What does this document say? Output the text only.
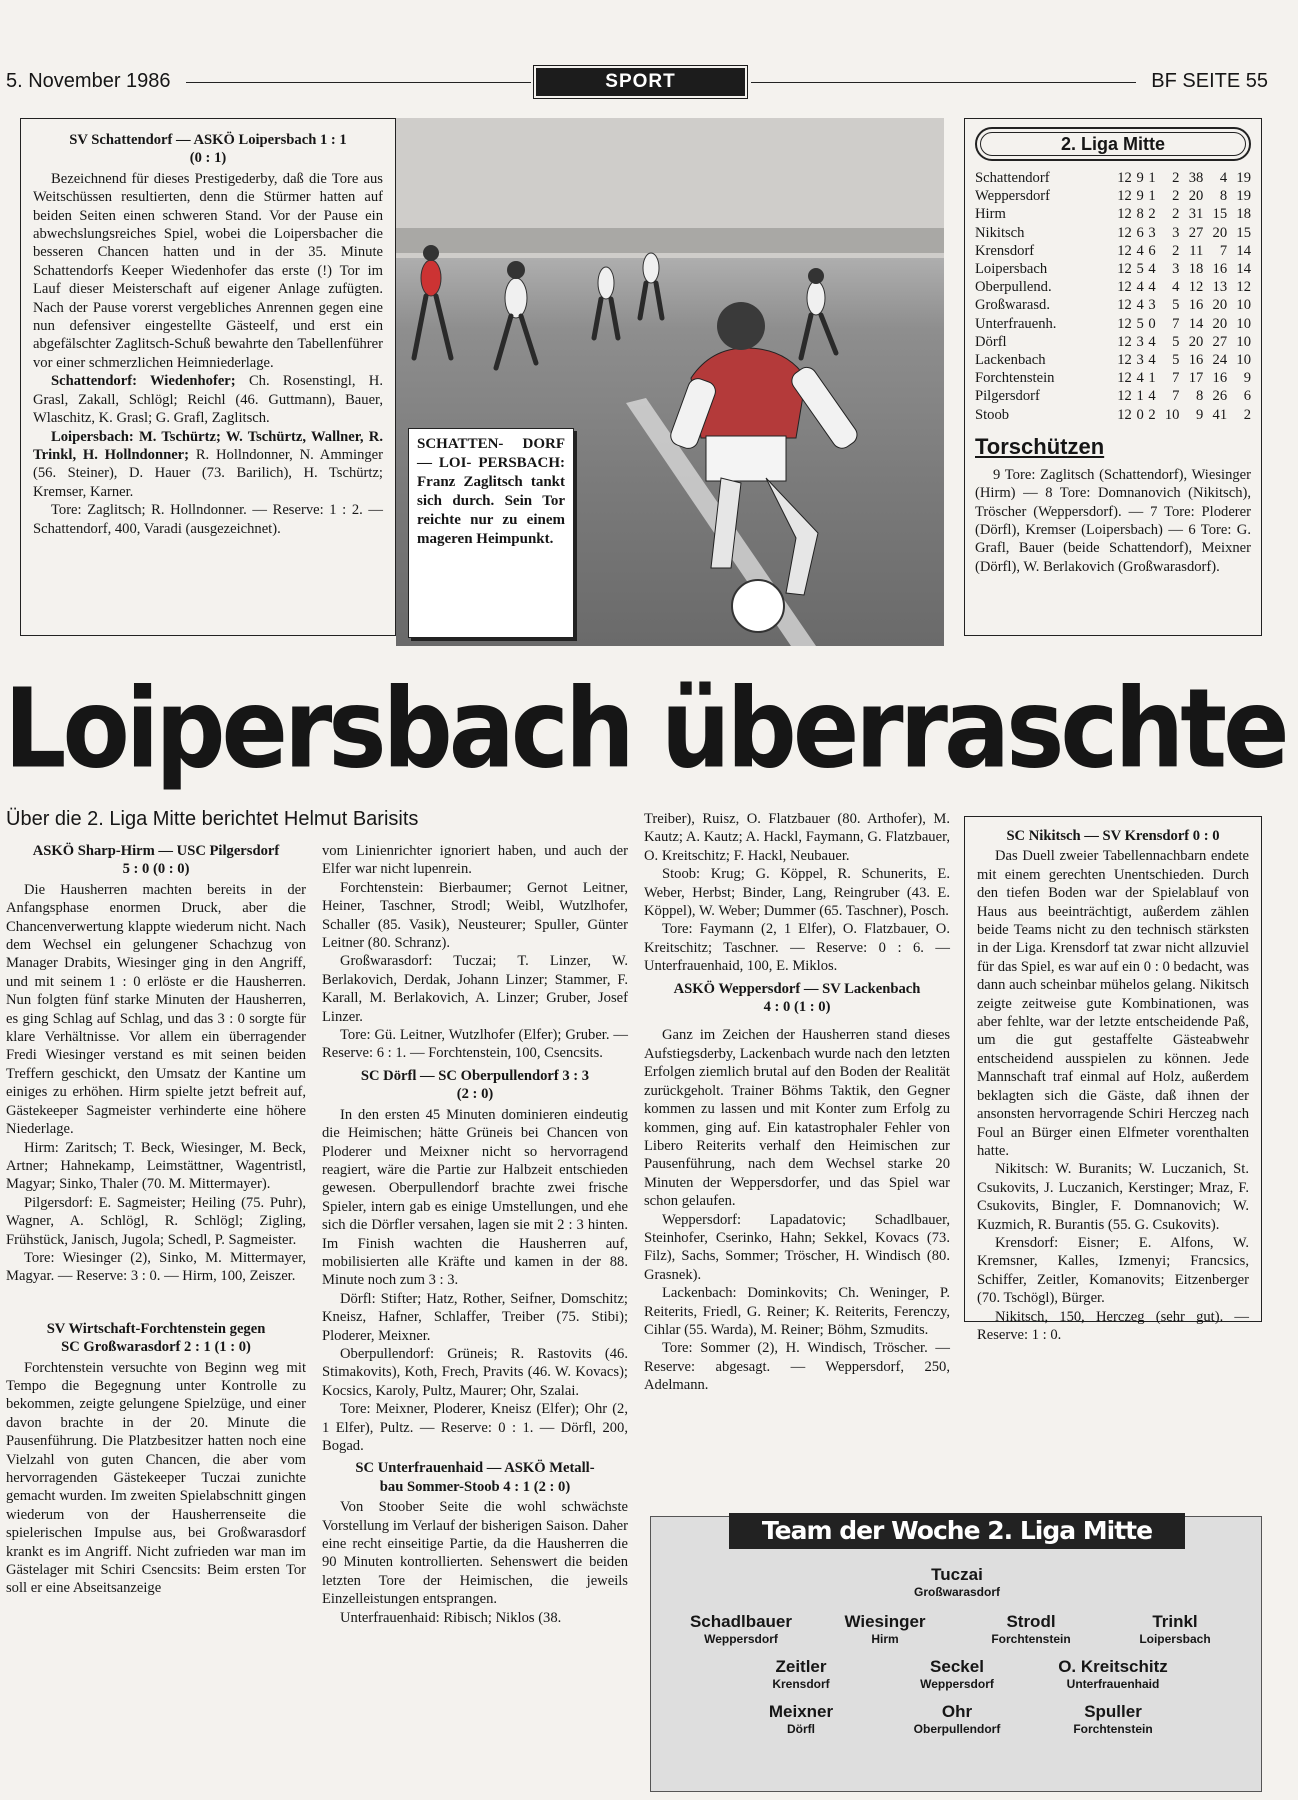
5. November 1986	SPORT	BF SEITE 55
SV Schattendorf — ASKÖ Loipersbach 1 : 1
(0 : 1)

Bezeichnend für dieses Prestigederby, daß die Tore aus Weitschüssen resultierten, denn die Stürmer hatten auf beiden Seiten einen schweren Stand. Vor der Pause ein abwechslungsreiches Spiel, wobei die Loipersbacher die besseren Chancen hatten und in der 35. Minute Schattendorfs Keeper Wiedenhofer das erste (!) Tor im Lauf dieser Meisterschaft auf eigener Anlage zufügten. Nach der Pause vorerst vergebliches Anrennen gegen eine nun defensiver eingestellte Gästeelf, und erst ein abgefälschter Zaglitsch-Schuß bewahrte den Tabellenführer vor einer schmerzlichen Heimniederlage.

Schattendorf: Wiedenhofer; Ch. Rosenstingl, H. Grasl, Zakall, Schlögl; Reichl (46. Guttmann), Bauer, Wlaschitz, K. Grasl; G. Grafl, Zaglitsch.

Loipersbach: M. Tschürtz; W. Tschürtz, Wallner, R. Trinkl, H. Hollndonner; R. Hollndonner, N. Amminger (56. Steiner), D. Hauer (73. Barilich), H. Tschürtz; Kremser, Karner.

Tore: Zaglitsch; R. Hollndonner. — Reserve: 1 : 2. — Schattendorf, 400, Varadi (ausgezeichnet).

SCHATTEN- DORF — LOI- PERSBACH: Franz Zaglitsch tankt sich durch. Sein Tor reichte nur zu einem mageren Heimpunkt.
2. Liga Mitte
Schattendorf	12	9	1	2	38	4	19
Weppersdorf	12	9	1	2	20	8	19
Hirm	12	8	2	2	31	15	18
Nikitsch	12	6	3	3	27	20	15
Krensdorf	12	4	6	2	11	7	14
Loipersbach	12	5	4	3	18	16	14
Oberpullend.	12	4	4	4	12	13	12
Großwarasd.	12	4	3	5	16	20	10
Unterfrauenh.	12	5	0	7	14	20	10
Dörfl	12	3	4	5	20	27	10
Lackenbach	12	3	4	5	16	24	10
Forchtenstein	12	4	1	7	17	16	9
Pilgersdorf	12	1	4	7	8	26	6
Stoob	12	0	2	10	9	41	2
Torschützen

9 Tore: Zaglitsch (Schattendorf), Wiesinger (Hirm) — 8 Tore: Domnanovich (Nikitsch), Tröscher (Weppersdorf). — 7 Tore: Ploderer (Dörfl), Kremser (Loipersbach) — 6 Tore: G. Grafl, Bauer (beide Schattendorf), Meixner (Dörfl), W. Berlakovich (Großwarasdorf).

Loipersbach überraschte
Über die 2. Liga Mitte berichtet Helmut Barisits
ASKÖ Sharp-Hirm — USC Pilgersdorf
5 : 0 (0 : 0)

Die Hausherren machten bereits in der Anfangsphase enormen Druck, aber die Chancenverwertung klappte wiederum nicht. Nach dem Wechsel ein gelungener Schachzug von Manager Drabits, Wiesinger ging in den Angriff, und mit seinem 1 : 0 erlöste er die Hausherren. Nun folgten fünf starke Minuten der Hausherren, es ging Schlag auf Schlag, und das 3 : 0 sorgte für klare Verhältnisse. Vor allem ein überragender Fredi Wiesinger verstand es mit seinen beiden Treffern geschickt, den Umsatz der Kantine um einiges zu erhöhen. Hirm spielte jetzt befreit auf, Gästekeeper Sagmeister verhinderte eine höhere Niederlage.

Hirm: Zaritsch; T. Beck, Wiesinger, M. Beck, Artner; Hahnekamp, Leimstättner, Wagentristl, Magyar; Sinko, Thaler (70. M. Mittermayer).

Pilgersdorf: E. Sagmeister; Heiling (75. Puhr), Wagner, A. Schlögl, R. Schlögl; Zigling, Frühstück, Janisch, Jugola; Schedl, P. Sagmeister.

Tore: Wiesinger (2), Sinko, M. Mittermayer, Magyar. — Reserve: 3 : 0. — Hirm, 100, Zeiszer.

SV Wirtschaft-Forchtenstein gegen
SC Großwarasdorf 2 : 1 (1 : 0)

Forchtenstein versuchte von Beginn weg mit Tempo die Begegnung unter Kontrolle zu bekommen, zeigte gelungene Spielzüge, und einer davon brachte in der 20. Minute die Pausenführung. Die Platzbesitzer hatten noch eine Vielzahl von guten Chancen, die aber vom hervorragenden Gästekeeper Tuczai zunichte gemacht wurden. Im zweiten Spielabschnitt gingen wiederum von der Hausherrenseite die spielerischen Impulse aus, bei Großwarasdorf krankt es im Angriff. Nicht zufrieden war man im Gästelager mit Schiri Csencsits: Beim ersten Tor soll er eine Abseitsanzeige

vom Linienrichter ignoriert haben, und auch der Elfer war nicht lupenrein.

Forchtenstein: Bierbaumer; Gernot Leitner, Heiner, Taschner, Strodl; Weibl, Wutzlhofer, Schaller (85. Vasik), Neusteurer; Spuller, Günter Leitner (80. Schranz).

Großwarasdorf: Tuczai; T. Linzer, W. Berlakovich, Derdak, Johann Linzer; Stammer, F. Karall, M. Berlakovich, A. Linzer; Gruber, Josef Linzer.

Tore: Gü. Leitner, Wutzlhofer (Elfer); Gruber. — Reserve: 6 : 1. — Forchtenstein, 100, Csencsits.

SC Dörfl — SC Oberpullendorf 3 : 3
(2 : 0)

In den ersten 45 Minuten dominieren eindeutig die Heimischen; hätte Grüneis bei Chancen von Ploderer und Meixner nicht so hervorragend reagiert, wäre die Partie zur Halbzeit entschieden gewesen. Oberpullendorf brachte zwei frische Spieler, intern gab es einige Umstellungen, und ehe sich die Dörfler versahen, lagen sie mit 2 : 3 hinten. Im Finish wachten die Hausherren auf, mobilisierten alle Kräfte und kamen in der 88. Minute noch zum 3 : 3.

Dörfl: Stifter; Hatz, Rother, Seifner, Domschitz; Kneisz, Hafner, Schlaffer, Treiber (75. Stibi); Ploderer, Meixner.

Oberpullendorf: Grüneis; R. Rastovits (46. Stimakovits), Koth, Frech, Pravits (46. W. Kovacs); Kocsics, Karoly, Pultz, Maurer; Ohr, Szalai.

Tore: Meixner, Ploderer, Kneisz (Elfer); Ohr (2, 1 Elfer), Pultz. — Reserve: 0 : 1. — Dörfl, 200, Bogad.

SC Unterfrauenhaid — ASKÖ Metall-
bau Sommer-Stoob 4 : 1 (2 : 0)

Von Stoober Seite die wohl schwächste Vorstellung im Verlauf der bisherigen Saison. Daher eine recht einseitige Partie, da die Hausherren die 90 Minuten kontrollierten. Sehenswert die beiden letzten Tore der Heimischen, die jeweils Einzelleistungen entsprangen.

Unterfrauenhaid: Ribisch; Niklos (38.

Treiber), Ruisz, O. Flatzbauer (80. Arthofer), M. Kautz; A. Kautz; A. Hackl, Faymann, G. Flatzbauer, O. Kreitschitz; F. Hackl, Neubauer.

Stoob: Krug; G. Köppel, R. Schunerits, E. Weber, Herbst; Binder, Lang, Reingruber (43. E. Köppel), W. Weber; Dummer (65. Taschner), Posch.

Tore: Faymann (2, 1 Elfer), O. Flatzbauer, O. Kreitschitz; Taschner. — Reserve: 0 : 6. — Unterfrauenhaid, 100, E. Miklos.

ASKÖ Weppersdorf — SV Lackenbach
4 : 0 (1 : 0)

Ganz im Zeichen der Hausherren stand dieses Aufstiegsderby, Lackenbach wurde nach den letzten Erfolgen ziemlich brutal auf den Boden der Realität zurückgeholt. Trainer Böhms Taktik, den Gegner kommen zu lassen und mit Konter zum Erfolg zu kommen, ging auf. Ein katastrophaler Fehler von Libero Reiterits verhalf den Heimischen zur Pausenführung, nach dem Wechsel starke 20 Minuten der Weppersdorfer, und das Spiel war schon gelaufen.

Weppersdorf: Lapadatovic; Schadlbauer, Steinhofer, Cserinko, Hahn; Sekkel, Kovacs (73. Filz), Sachs, Sommer; Tröscher, H. Windisch (80. Grasnek).

Lackenbach: Dominkovits; Ch. Weninger, P. Reiterits, Friedl, G. Reiner; K. Reiterits, Ferenczy, Cihlar (55. Warda), M. Reiner; Böhm, Szmudits.

Tore: Sommer (2), H. Windisch, Tröscher. — Reserve: abgesagt. — Weppersdorf, 250, Adelmann.

SC Nikitsch — SV Krensdorf 0 : 0

Das Duell zweier Tabellennachbarn endete mit einem gerechten Unentschieden. Durch den tiefen Boden war der Spielablauf von Haus aus beeinträchtigt, außerdem zählen beide Teams nicht zu den technisch stärksten in der Liga. Krensdorf tat zwar nicht allzuviel für das Spiel, es war auf ein 0 : 0 bedacht, was dann auch scheinbar mühelos gelang. Nikitsch zeigte zeitweise gute Kombinationen, was aber fehlte, war der letzte entscheidende Paß, um die gut gestaffelte Gästeabwehr entscheidend ausspielen zu können. Jede Mannschaft traf einmal auf Holz, außerdem beklagten sich die Gäste, daß ihnen der ansonsten hervorragende Schiri Herczeg nach Foul an Bürger einen Elfmeter vorenthalten hatte.

Nikitsch: W. Buranits; W. Luczanich, St. Csukovits, J. Luczanich, Kerstinger; Mraz, F. Csukovits, Bingler, F. Domnanovich; W. Kuzmich, R. Burantis (55. G. Csukovits).

Krensdorf: Eisner; E. Alfons, W. Kremsner, Kalles, Izmenyi; Francsics, Schiffer, Zeitler, Komanovits; Eitzenberger (70. Tschögl), Bürger.

Nikitsch, 150, Herczeg (sehr gut). — Reserve: 1 : 0.

Team der Woche 2. Liga Mitte
Tuczai
Großwarasdorf
Schadlbauer
Weppersdorf
Wiesinger
Hirm
Strodl
Forchtenstein
Trinkl
Loipersbach
Zeitler
Krensdorf
Seckel
Weppersdorf
O. Kreitschitz
Unterfrauenhaid
Meixner
Dörfl
Ohr
Oberpullendorf
Spuller
Forchtenstein
